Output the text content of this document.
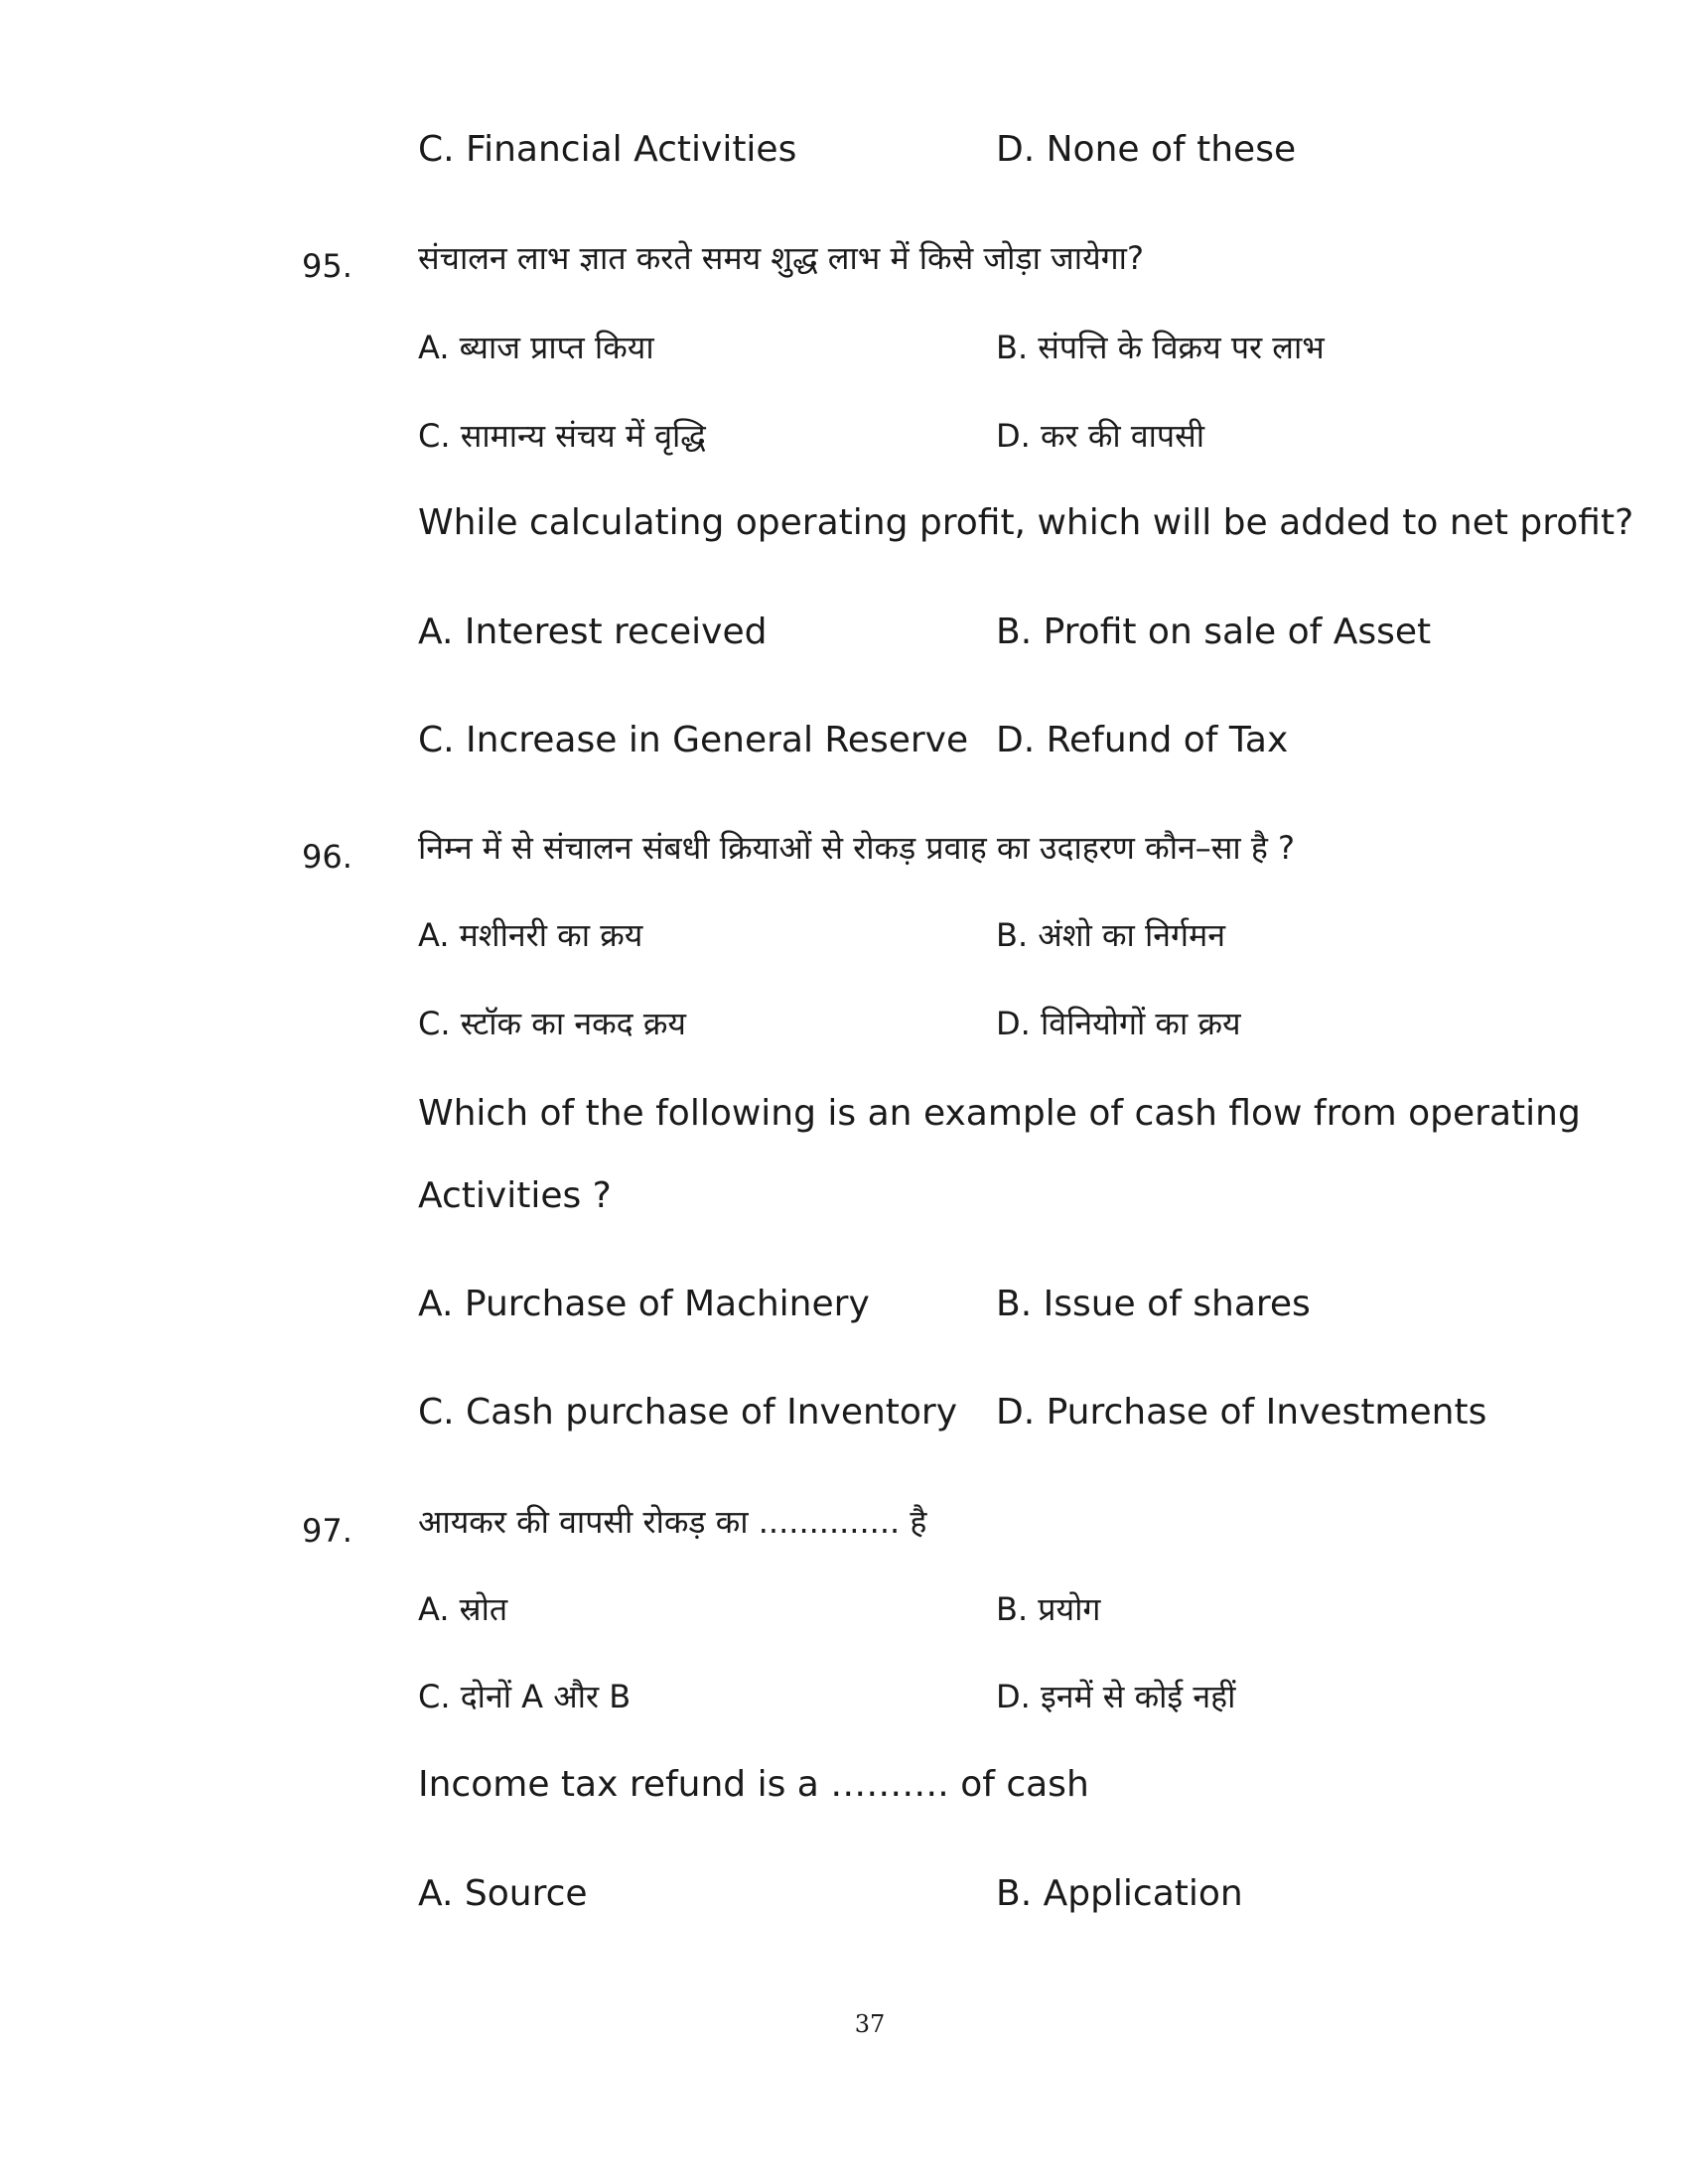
C. Financial Activities	D. None of these
95. संचालन लाभ ज्ञात करते समय शुद्ध लाभ में किसे जोड़ा जायेगा?
A. ब्याज प्राप्त किया	B. संपत्ति के विक्रय पर लाभ
C. सामान्य संचय में वृद्धि	D. कर की वापसी
While calculating operating profit, which will be added to net profit?
A. Interest received	B. Profit on sale of Asset
C. Increase in General Reserve D. Refund of Tax
96. निम्न में से संचालन संबधी क्रियाओं से रोकड़ प्रवाह का उदाहरण कौन–सा है ?
A. मशीनरी का क्रय	B. अंशो का निर्गमन
C. स्टॉक का नकद क्रय	D. विनियोगों का क्रय
Which of the following is an example of cash flow from operating
Activities ?
A. Purchase of Machinery	B. Issue of shares
C. Cash purchase of Inventory D. Purchase of Investments
97. आयकर की वापसी रोकड़ का .............. है
A. स्रोत	B. प्रयोग
C. दोनों A और B	D. इनमें से कोई नहीं
Income tax refund is a ………. of cash
A. Source	B. Application
37
